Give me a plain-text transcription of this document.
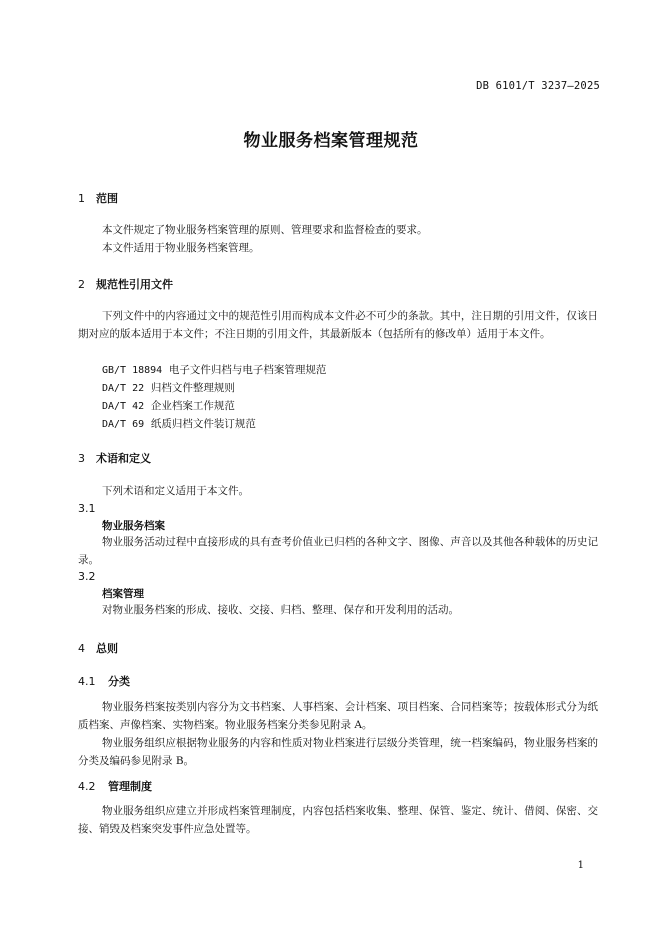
DB 6101/T 3237—2025
物业服务档案管理规范
1 范围
本文件规定了物业服务档案管理的原则、管理要求和监督检查的要求。
本文件适用于物业服务档案管理。
2 规范性引用文件
下列文件中的内容通过文中的规范性引用而构成本文件必不可少的条款。其中，注日期的引用文件，仅该日期对应的版本适用于本文件；不注日期的引用文件，其最新版本（包括所有的修改单）适用于本文件。
GB/T 18894 电子文件归档与电子档案管理规范
DA/T 22 归档文件整理规则
DA/T 42 企业档案工作规范
DA/T 69 纸质归档文件装订规范
3 术语和定义
下列术语和定义适用于本文件。
3.1
物业服务档案
物业服务活动过程中直接形成的具有查考价值业已归档的各种文字、图像、声音以及其他各种载体的历史记录。
3.2
档案管理
对物业服务档案的形成、接收、交接、归档、整理、保存和开发利用的活动。
4 总则
4.1 分类
物业服务档案按类别内容分为文书档案、人事档案、会计档案、项目档案、合同档案等；按载体形式分为纸质档案、声像档案、实物档案。物业服务档案分类参见附录 A。
物业服务组织应根据物业服务的内容和性质对物业档案进行层级分类管理，统一档案编码，物业服务档案的分类及编码参见附录 B。
4.2 管理制度
物业服务组织应建立并形成档案管理制度，内容包括档案收集、整理、保管、鉴定、统计、借阅、保密、交接、销毁及档案突发事件应急处置等。
1
